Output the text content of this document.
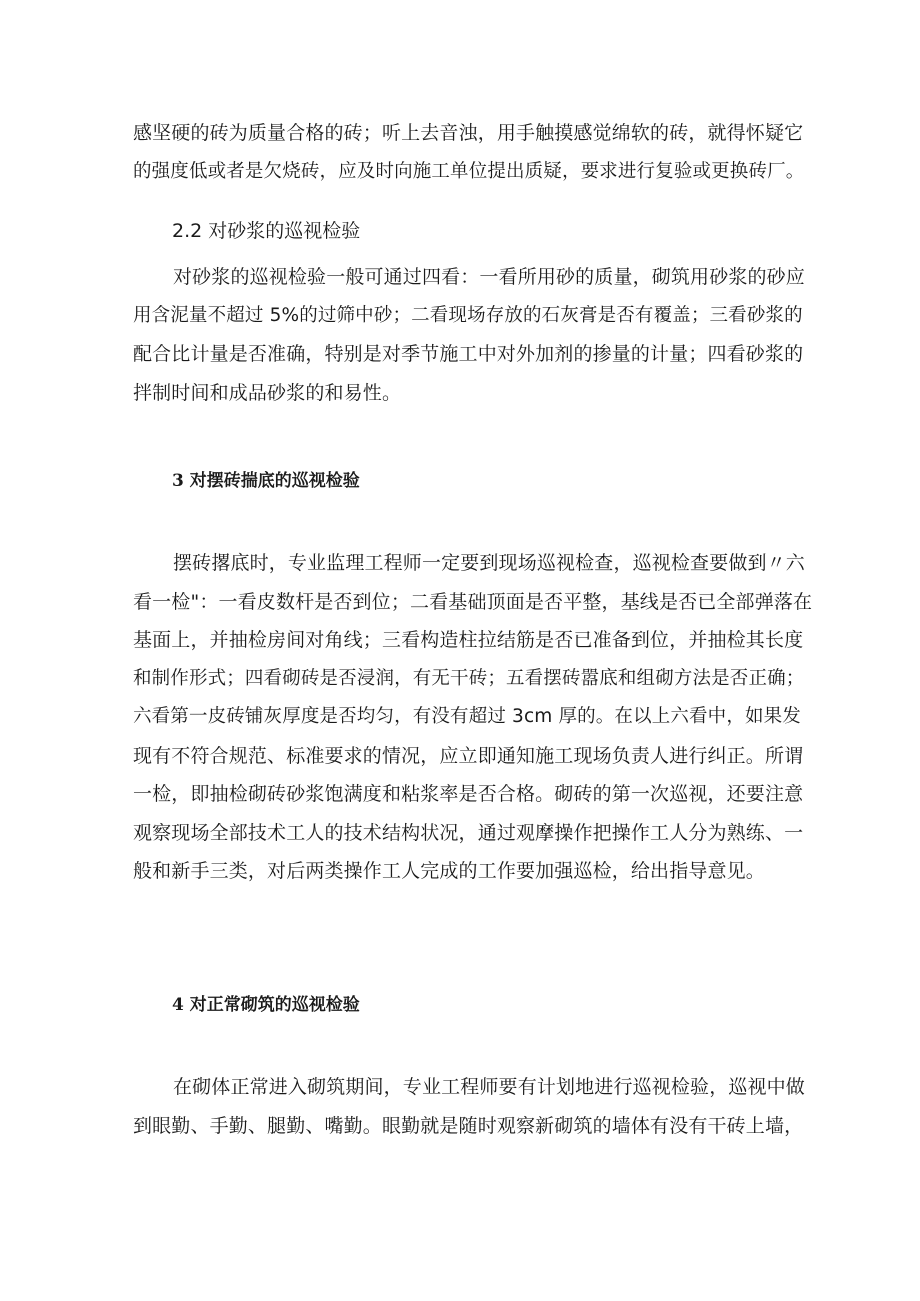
感坚硬的砖为质量合格的砖；听上去音浊，用手触摸感觉绵软的砖，就得怀疑它
的强度低或者是欠烧砖，应及时向施工单位提出质疑，要求进行复验或更换砖厂。

2.2 对砂浆的巡视检验

对砂浆的巡视检验一般可通过四看：一看所用砂的质量，砌筑用砂浆的砂应
用含泥量不超过 5%的过筛中砂；二看现场存放的石灰膏是否有覆盖；三看砂浆的
配合比计量是否准确，特别是对季节施工中对外加剂的掺量的计量；四看砂浆的
拌制时间和成品砂浆的和易性。

3 对摆砖揣底的巡视检验

摆砖撂底时，专业监理工程师一定要到现场巡视检查，巡视检查要做到〃六
看一检"：一看皮数杆是否到位；二看基础顶面是否平整，基线是否已全部弹落在
基面上，并抽检房间对角线；三看构造柱拉结筋是否已准备到位，并抽检其长度
和制作形式；四看砌砖是否浸润，有无干砖；五看摆砖嚣底和组砌方法是否正确；
六看第一皮砖铺灰厚度是否均匀，有没有超过 3cm 厚的。在以上六看中，如果发
现有不符合规范、标准要求的情况，应立即通知施工现场负责人进行纠正。所谓
一检，即抽检砌砖砂浆饱满度和粘浆率是否合格。砌砖的第一次巡视，还要注意
观察现场全部技术工人的技术结构状况，通过观摩操作把操作工人分为熟练、一
般和新手三类，对后两类操作工人完成的工作要加强巡检，给出指导意见。

4 对正常砌筑的巡视检验

在砌体正常进入砌筑期间，专业工程师要有计划地进行巡视检验，巡视中做
到眼勤、手勤、腿勤、嘴勤。眼勤就是随时观察新砌筑的墙体有没有干砖上墙，
